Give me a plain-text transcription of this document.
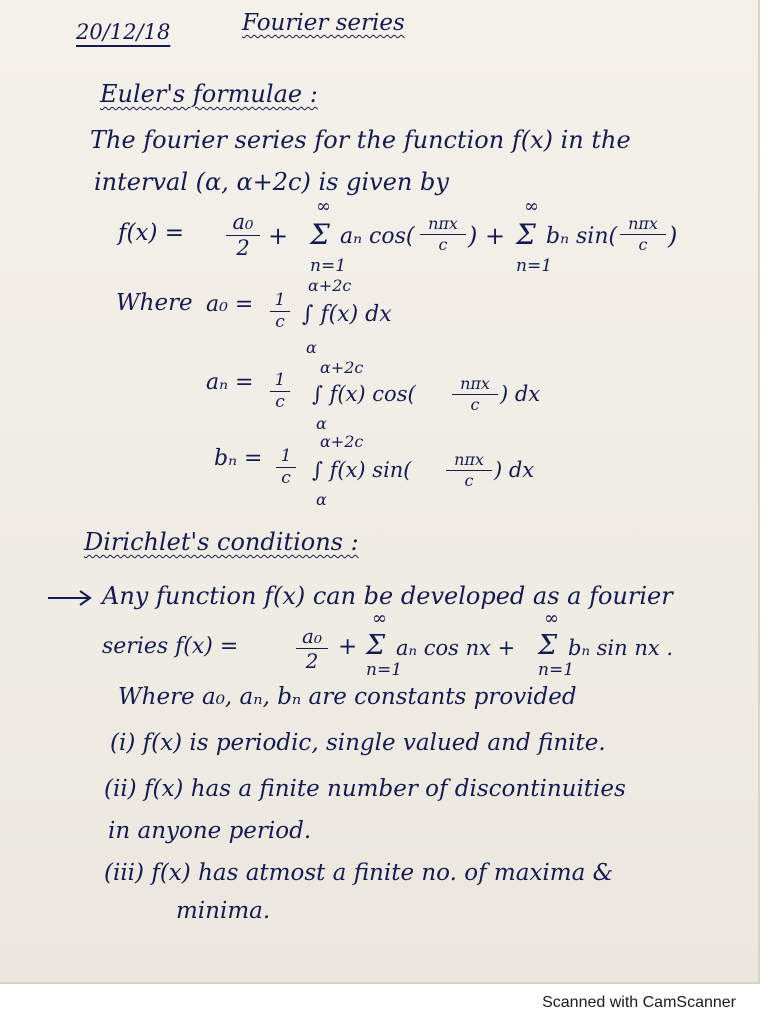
20/12/18	Fourier series
Euler's formulae :
The fourier series for the function f(x) in the
interval (α, α+2c) is given by
f(x) =	a₀
2 +
∞
Σ
n=1
aₙ cos(
nπx
c ) +
∞
Σ
n=1
bₙ sin(
nπx
c )
Where a₀ = 1
c
α+2c
∫ f(x) dx
α
aₙ = 1
c
α+2c
∫ f(x) cos(	nπx
c ) dx
α
bₙ = 1
c
α+2c
∫ f(x) sin(	nπx
c ) dx
α
Dirichlet's conditions :
Any function f(x) can be developed as a fourier
series f(x) =	a₀
2
+
∞
Σ
n=1
aₙ cos nx +
∞
Σ
n=1
bₙ sin nx .
Where a₀, aₙ, bₙ are constants provided
(i) f(x) is periodic, single valued and finite.
(ii) f(x) has a finite number of discontinuities
in anyone period.
(iii) f(x) has atmost a finite no. of maxima &
minima.
Scanned with CamScanner
